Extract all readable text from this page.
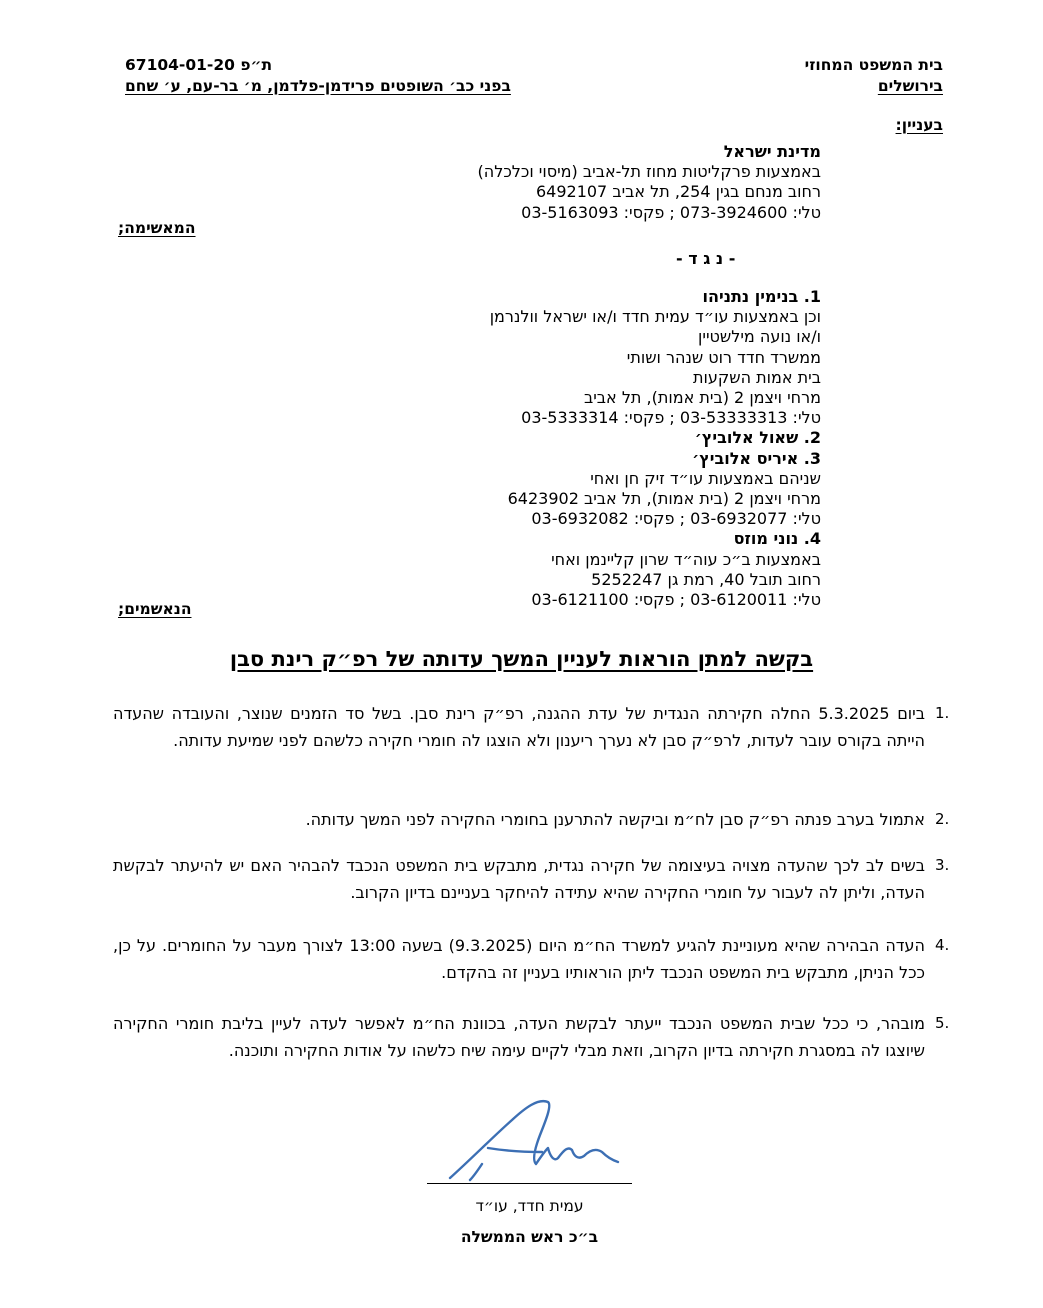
בית המשפט המחוזי
בירושלים
ת״פ 67104-01-20
בפני כב׳ השופטים פרידמן-פלדמן, מ׳ בר-עם, ע׳ שחם
בעניין:
מדינת ישראל
באמצעות פרקליטות מחוז תל-אביב (מיסוי וכלכלה)
רחוב מנחם בגין 254, תל אביב 6492107
טלי: 073-3924600 ; פקסי: 03-5163093
המאשימה;
- נ ג ד -
1. בנימין נתניהו
וכן באמצעות עו״ד עמית חדד ו/או ישראל וולנרמן
ו/או נועה מילשטיין
ממשרד חדד רוט שנהר ושותי
בית אמות השקעות
מרחי ויצמן 2 (בית אמות), תל אביב
טלי: 03-53333313 ; פקסי: 03-5333314
2. שאול אלוביץ׳
3. איריס אלוביץ׳
שניהם באמצעות עו״ד זיק חן ואחי
מרחי ויצמן 2 (בית אמות), תל אביב 6423902
טלי: 03-6932077 ; פקסי: 03-6932082
4. נוני מוזס
באמצעות ב״כ עוה״ד שרון קליינמן ואחי
רחוב תובל 40, רמת גן 5252247
טלי: 03-6120011 ; פקסי: 03-6121100
הנאשמים;
בקשה למתן הוראות לעניין המשך עדותה של רפ״ק רינת סבן
ביום 5.3.2025 החלה חקירתה הנגדית של עדת ההגנה, רפ״ק רינת סבן. בשל סד הזמנים שנוצר, והעובדה שהעדה הייתה בקורס עובר לעדות, לרפ״ק סבן לא נערך ריענון ולא הוצגו לה חומרי חקירה כלשהם לפני שמיעת עדותה.
1.
אתמול בערב פנתה רפ״ק סבן לח״מ וביקשה להתרענן בחומרי החקירה לפני המשך עדותה. 2.
בשים לב לכך שהעדה מצויה בעיצומה של חקירה נגדית, מתבקש בית המשפט הנכבד להבהיר האם יש להיעתר לבקשת העדה, וליתן לה לעבור על חומרי החקירה שהיא עתידה להיחקר בעניינם בדיון הקרוב.
3.
העדה הבהירה שהיא מעוניינת להגיע למשרד הח״מ היום (9.3.2025) בשעה 13:00 לצורך מעבר על החומרים. על כן, ככל הניתן, מתבקש בית המשפט הנכבד ליתן הוראותיו בעניין זה בהקדם.
4.
מובהר, כי ככל שבית המשפט הנכבד ייעתר לבקשת העדה, בכוונת הח״מ לאפשר לעדה לעיין בליבת חומרי החקירה שיוצגו לה במסגרת חקירתה בדיון הקרוב, וזאת מבלי לקיים עימה שיח כלשהו על אודות החקירה ותוכנה.
5.
עמית חדד, עו״ד
ב״כ ראש הממשלה
